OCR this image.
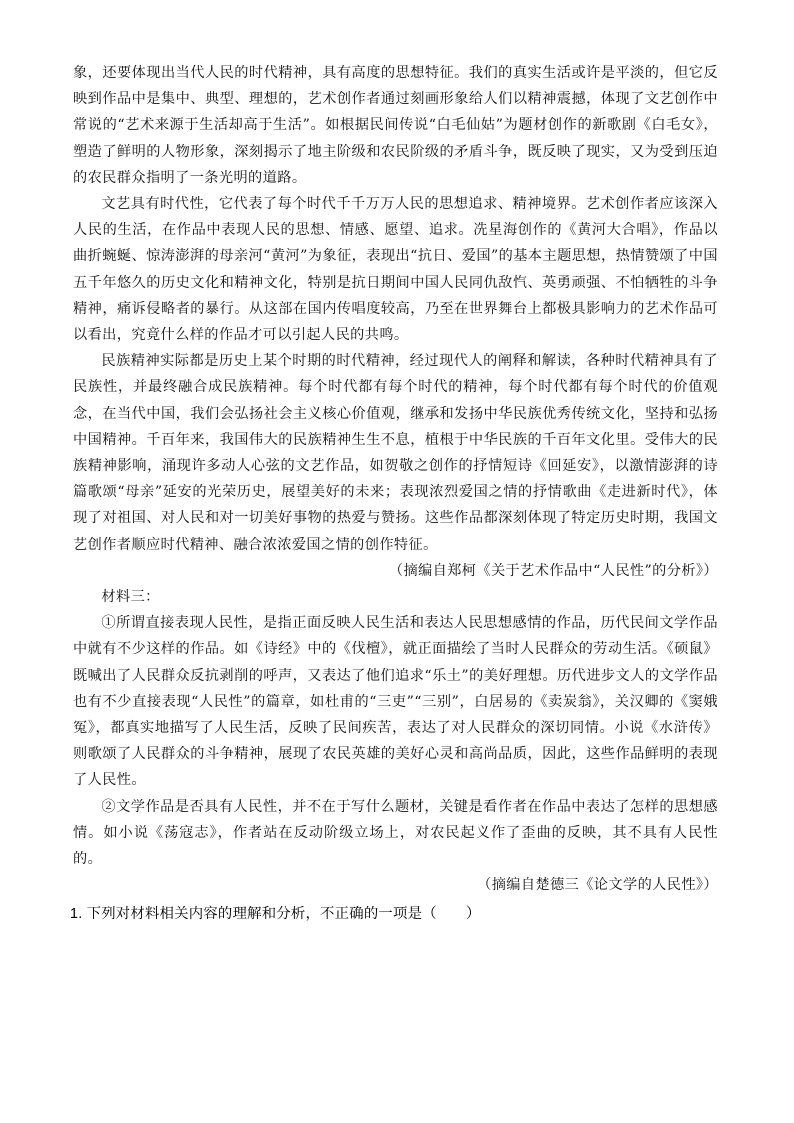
象，还要体现出当代人民的时代精神，具有高度的思想特征。我们的真实生活或许是平淡的，但它反映到作品中是集中、典型、理想的，艺术创作者通过刻画形象给人们以精神震撼，体现了文艺创作中常说的“艺术来源于生活却高于生活”。如根据民间传说“白毛仙姑”为题材创作的新歌剧《白毛女》，塑造了鲜明的人物形象，深刻揭示了地主阶级和农民阶级的矛盾斗争，既反映了现实，又为受到压迫的农民群众指明了一条光明的道路。

文艺具有时代性，它代表了每个时代千千万万人民的思想追求、精神境界。艺术创作者应该深入人民的生活，在作品中表现人民的思想、情感、愿望、追求。冼星海创作的《黄河大合唱》，作品以曲折蜿蜒、惊涛澎湃的母亲河“黄河”为象征，表现出“抗日、爱国”的基本主题思想，热情赞颂了中国五千年悠久的历史文化和精神文化，特别是抗日期间中国人民同仇敌忾、英勇顽强、不怕牺牲的斗争精神，痛诉侵略者的暴行。从这部在国内传唱度较高，乃至在世界舞台上都极具影响力的艺术作品可以看出，究竟什么样的作品才可以引起人民的共鸣。

民族精神实际都是历史上某个时期的时代精神，经过现代人的阐释和解读，各种时代精神具有了民族性，并最终融合成民族精神。每个时代都有每个时代的精神，每个时代都有每个时代的价值观念，在当代中国，我们会弘扬社会主义核心价值观，继承和发扬中华民族优秀传统文化，坚持和弘扬中国精神。千百年来，我国伟大的民族精神生生不息，植根于中华民族的千百年文化里。受伟大的民族精神影响，涌现许多动人心弦的文艺作品，如贺敬之创作的抒情短诗《回延安》，以激情澎湃的诗篇歌颂“母亲”延安的光荣历史，展望美好的未来；表现浓烈爱国之情的抒情歌曲《走进新时代》，体现了对祖国、对人民和对一切美好事物的热爱与赞扬。这些作品都深刻体现了特定历史时期，我国文艺创作者顺应时代精神、融合浓浓爱国之情的创作特征。

（摘编自郑柯《关于艺术作品中“人民性”的分析》）

材料三：

①所谓直接表现人民性，是指正面反映人民生活和表达人民思想感情的作品，历代民间文学作品中就有不少这样的作品。如《诗经》中的《伐檀》，就正面描绘了当时人民群众的劳动生活。《硕鼠》既喊出了人民群众反抗剥削的呼声，又表达了他们追求“乐土”的美好理想。历代进步文人的文学作品也有不少直接表现“人民性”的篇章，如杜甫的“三吏”“三别”，白居易的《卖炭翁》，关汉卿的《窦娥冤》，都真实地描写了人民生活，反映了民间疾苦，表达了对人民群众的深切同情。小说《水浒传》则歌颂了人民群众的斗争精神，展现了农民英雄的美好心灵和高尚品质，因此，这些作品鲜明的表现了人民性。

②文学作品是否具有人民性，并不在于写什么题材，关键是看作者在作品中表达了怎样的思想感情。如小说《荡寇志》，作者站在反动阶级立场上，对农民起义作了歪曲的反映，其不具有人民性的。

（摘编自楚德三《论文学的人民性》）

1. 下列对材料相关内容的理解和分析，不正确的一项是（　　）
